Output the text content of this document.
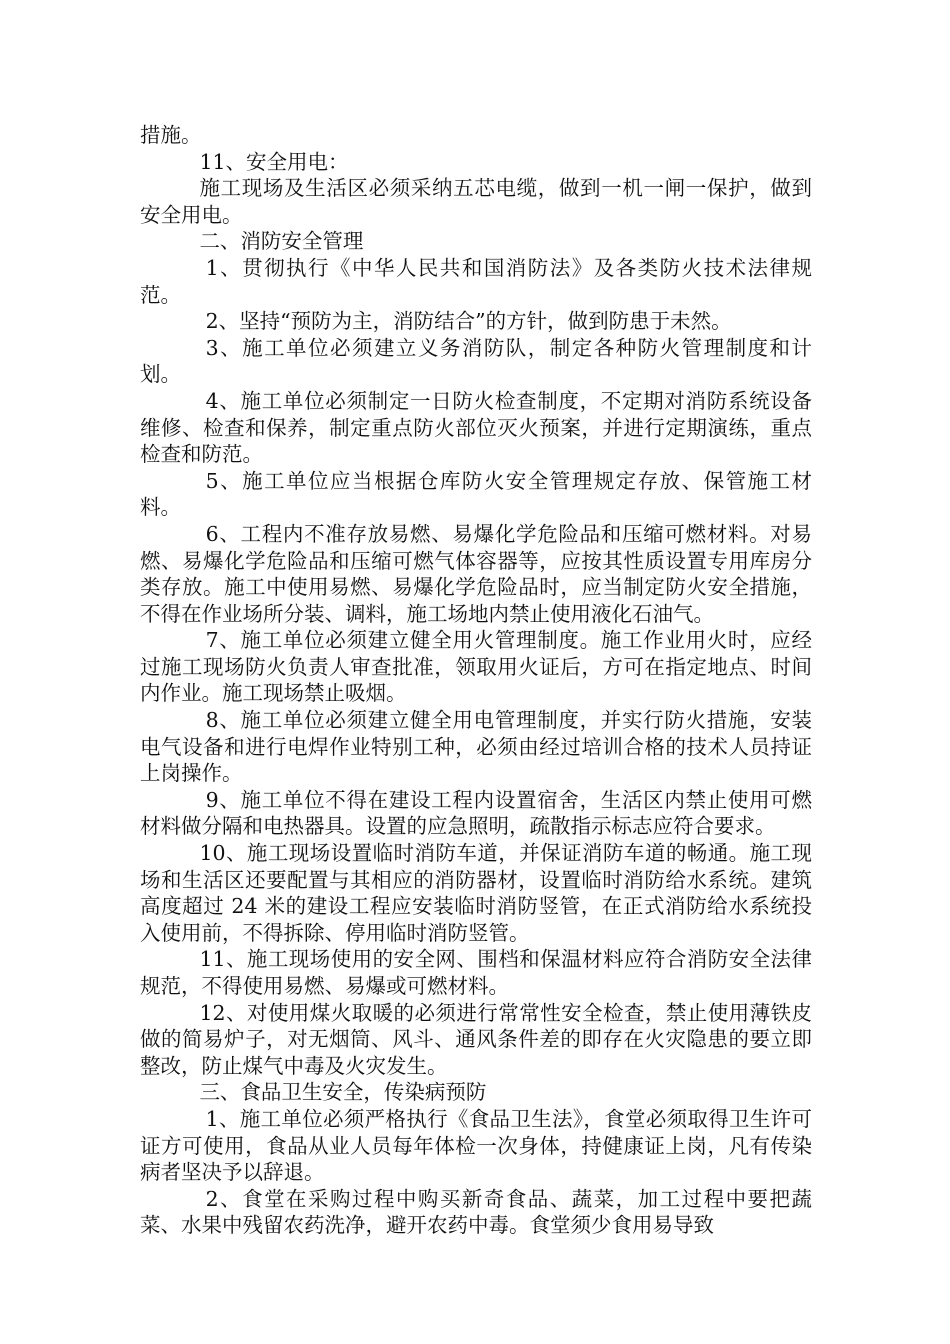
措施。

11、安全用电：

施工现场及生活区必须采纳五芯电缆，做到一机一闸一保护，做到安全用电。

二、消防安全管理

1、贯彻执行《中华人民共和国消防法》及各类防火技术法律规范。

2、坚持“预防为主，消防结合”的方针，做到防患于未然。

3、施工单位必须建立义务消防队，制定各种防火管理制度和计划。

4、施工单位必须制定一日防火检查制度，不定期对消防系统设备维修、检查和保养，制定重点防火部位灭火预案，并进行定期演练，重点检查和防范。

5、施工单位应当根据仓库防火安全管理规定存放、保管施工材料。

6、工程内不准存放易燃、易爆化学危险品和压缩可燃材料。对易燃、易爆化学危险品和压缩可燃气体容器等，应按其性质设置专用库房分类存放。施工中使用易燃、易爆化学危险品时，应当制定防火安全措施，不得在作业场所分装、调料，施工场地内禁止使用液化石油气。

7、施工单位必须建立健全用火管理制度。施工作业用火时，应经过施工现场防火负责人审查批准，领取用火证后，方可在指定地点、时间内作业。施工现场禁止吸烟。

8、施工单位必须建立健全用电管理制度，并实行防火措施，安装电气设备和进行电焊作业特别工种，必须由经过培训合格的技术人员持证上岗操作。

9、施工单位不得在建设工程内设置宿舍，生活区内禁止使用可燃材料做分隔和电热器具。设置的应急照明，疏散指示标志应符合要求。

10、施工现场设置临时消防车道，并保证消防车道的畅通。施工现场和生活区还要配置与其相应的消防器材，设置临时消防给水系统。建筑高度超过 24 米的建设工程应安装临时消防竖管，在正式消防给水系统投入使用前，不得拆除、停用临时消防竖管。

11、施工现场使用的安全网、围档和保温材料应符合消防安全法律规范，不得使用易燃、易爆或可燃材料。

12、对使用煤火取暖的必须进行常常性安全检查，禁止使用薄铁皮做的简易炉子，对无烟筒、风斗、通风条件差的即存在火灾隐患的要立即整改，防止煤气中毒及火灾发生。

三、食品卫生安全，传染病预防

1、施工单位必须严格执行《食品卫生法》，食堂必须取得卫生许可证方可使用，食品从业人员每年体检一次身体，持健康证上岗，凡有传染病者坚决予以辞退。

2、食堂在采购过程中购买新奇食品、蔬菜，加工过程中要把蔬菜、水果中残留农药洗净，避开农药中毒。食堂须少食用易导致
